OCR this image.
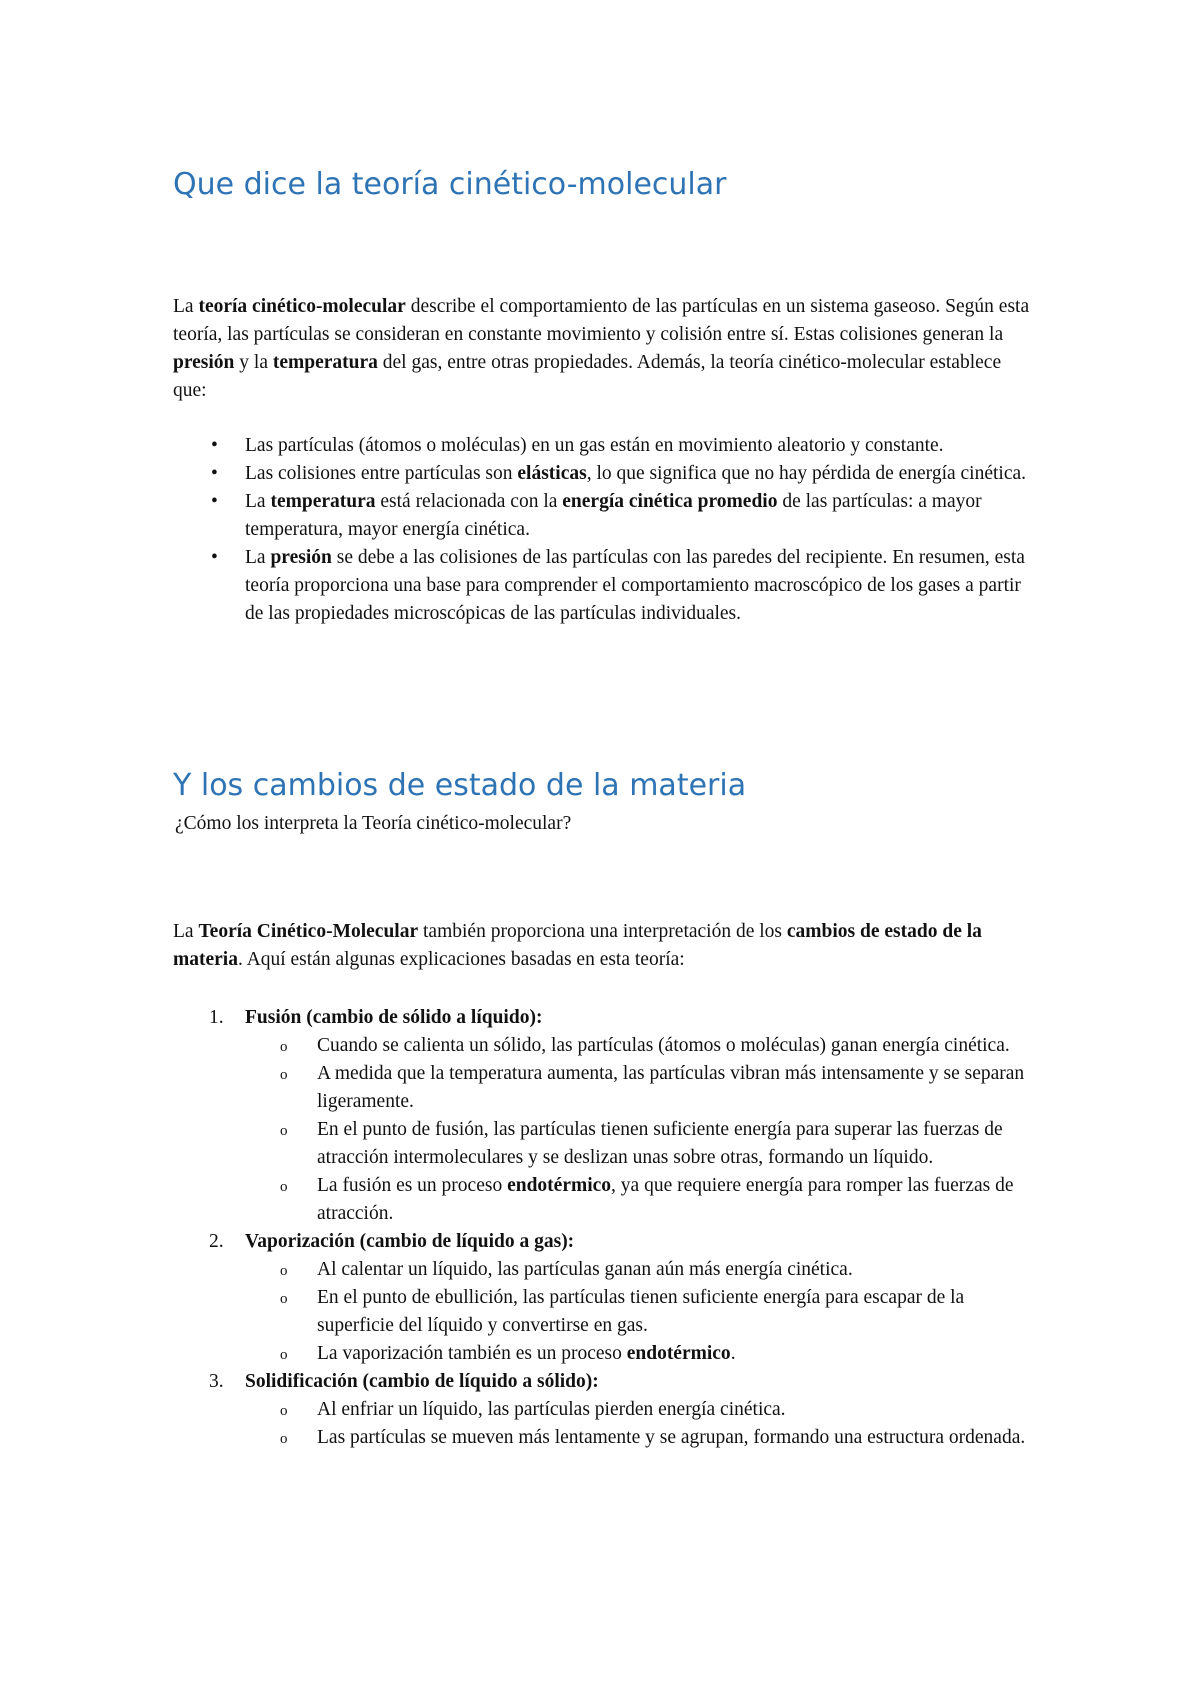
Que dice la teoría cinético-molecular

La teoría cinético-molecular describe el comportamiento de las partículas en un sistema gaseoso. Según esta teoría, las partículas se consideran en constante movimiento y colisión entre sí. Estas colisiones generan la presión y la temperatura del gas, entre otras propiedades. Además, la teoría cinético-molecular establece que:

• Las partículas (átomos o moléculas) en un gas están en movimiento aleatorio y constante.
• Las colisiones entre partículas son elásticas, lo que significa que no hay pérdida de energía cinética.
• La temperatura está relacionada con la energía cinética promedio de las partículas: a mayor temperatura, mayor energía cinética.
• La presión se debe a las colisiones de las partículas con las paredes del recipiente. En resumen, esta teoría proporciona una base para comprender el comportamiento macroscópico de los gases a partir de las propiedades microscópicas de las partículas individuales.
Y los cambios de estado de la materia

¿Cómo los interpreta la Teoría cinético-molecular?

La Teoría Cinético-Molecular también proporciona una interpretación de los cambios de estado de la materia. Aquí están algunas explicaciones basadas en esta teoría:

1. Fusión (cambio de sólido a líquido):
o Cuando se calienta un sólido, las partículas (átomos o moléculas) ganan energía cinética.
o A medida que la temperatura aumenta, las partículas vibran más intensamente y se separan ligeramente.
o En el punto de fusión, las partículas tienen suficiente energía para superar las fuerzas de atracción intermoleculares y se deslizan unas sobre otras, formando un líquido.
o La fusión es un proceso endotérmico, ya que requiere energía para romper las fuerzas de atracción.
2. Vaporización (cambio de líquido a gas):
o Al calentar un líquido, las partículas ganan aún más energía cinética.
o En el punto de ebullición, las partículas tienen suficiente energía para escapar de la superficie del líquido y convertirse en gas.
o La vaporización también es un proceso endotérmico.
3. Solidificación (cambio de líquido a sólido):
o Al enfriar un líquido, las partículas pierden energía cinética.
o Las partículas se mueven más lentamente y se agrupan, formando una estructura ordenada.
